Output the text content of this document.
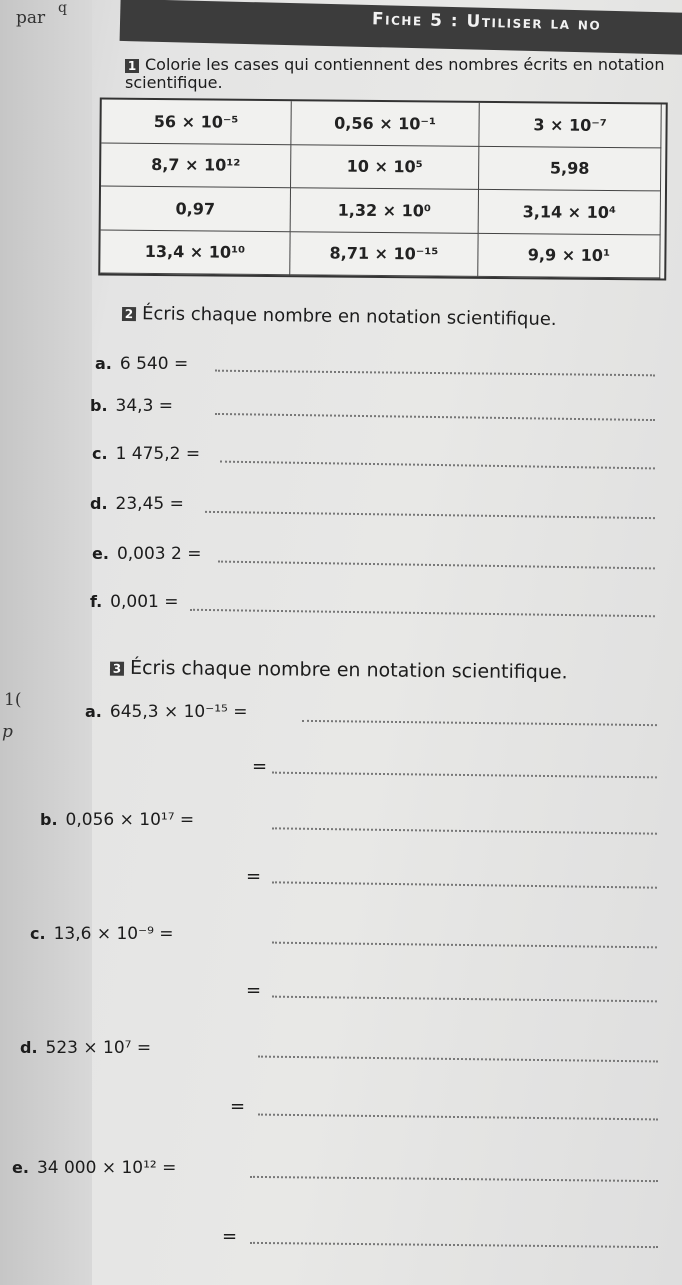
par q
1(
p
Fiche 5 : Utiliser la no
1 Colorie les cases qui contiennent des nombres écrits en notation scientifique.
56 × 10⁻⁵	0,56 × 10⁻¹	3 × 10⁻⁷
8,7 × 10¹²	10 × 10⁵	5,98
0,97	1,32 × 10⁰	3,14 × 10⁴
13,4 × 10¹⁰	8,71 × 10⁻¹⁵	9,9 × 10¹
2 Écris chaque nombre en notation scientifique.
a. 6 540 =
b. 34,3 =
c. 1 475,2 =
d. 23,45 =
e. 0,003 2 =
f. 0,001 =
3 Écris chaque nombre en notation scientifique.
a. 645,3 × 10⁻¹⁵ =
=
b. 0,056 × 10¹⁷ =
=
c. 13,6 × 10⁻⁹ =
=
d. 523 × 10⁷ =
=
e. 34 000 × 10¹² =
=
